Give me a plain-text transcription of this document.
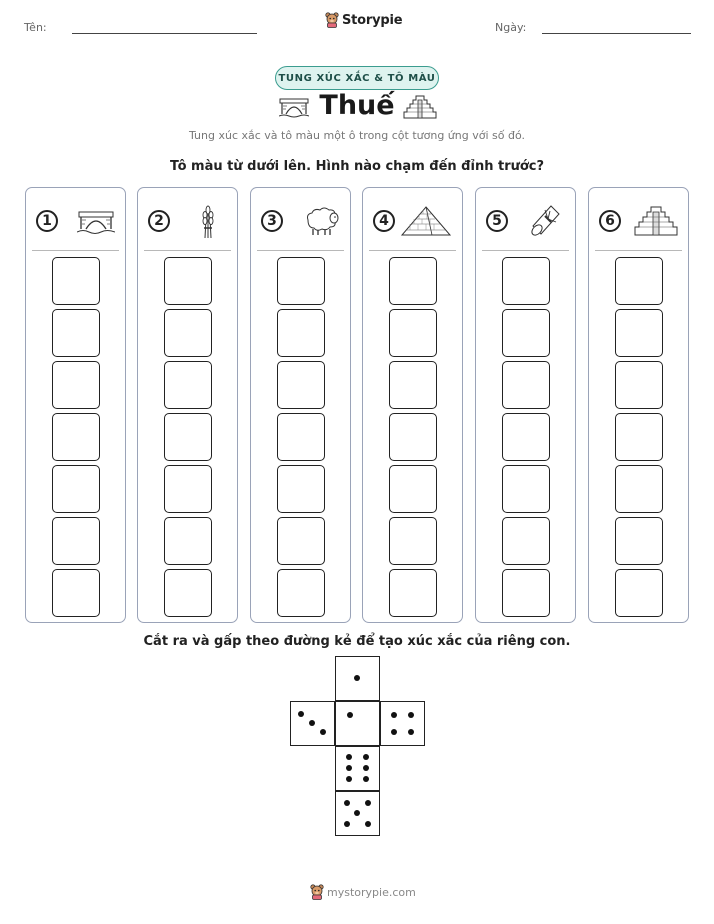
Tên:	Storypie	Ngày:
TUNG XÚC XẮC & TÔ MÀU
Thuế
Tung xúc xắc và tô màu một ô trong cột tương ứng với số đó.
Tô màu từ dưới lên. Hình nào chạm đến đỉnh trước?
1	2	3	4	5	6
Cắt ra và gấp theo đường kẻ để tạo xúc xắc của riêng con.
mystorypie.com
